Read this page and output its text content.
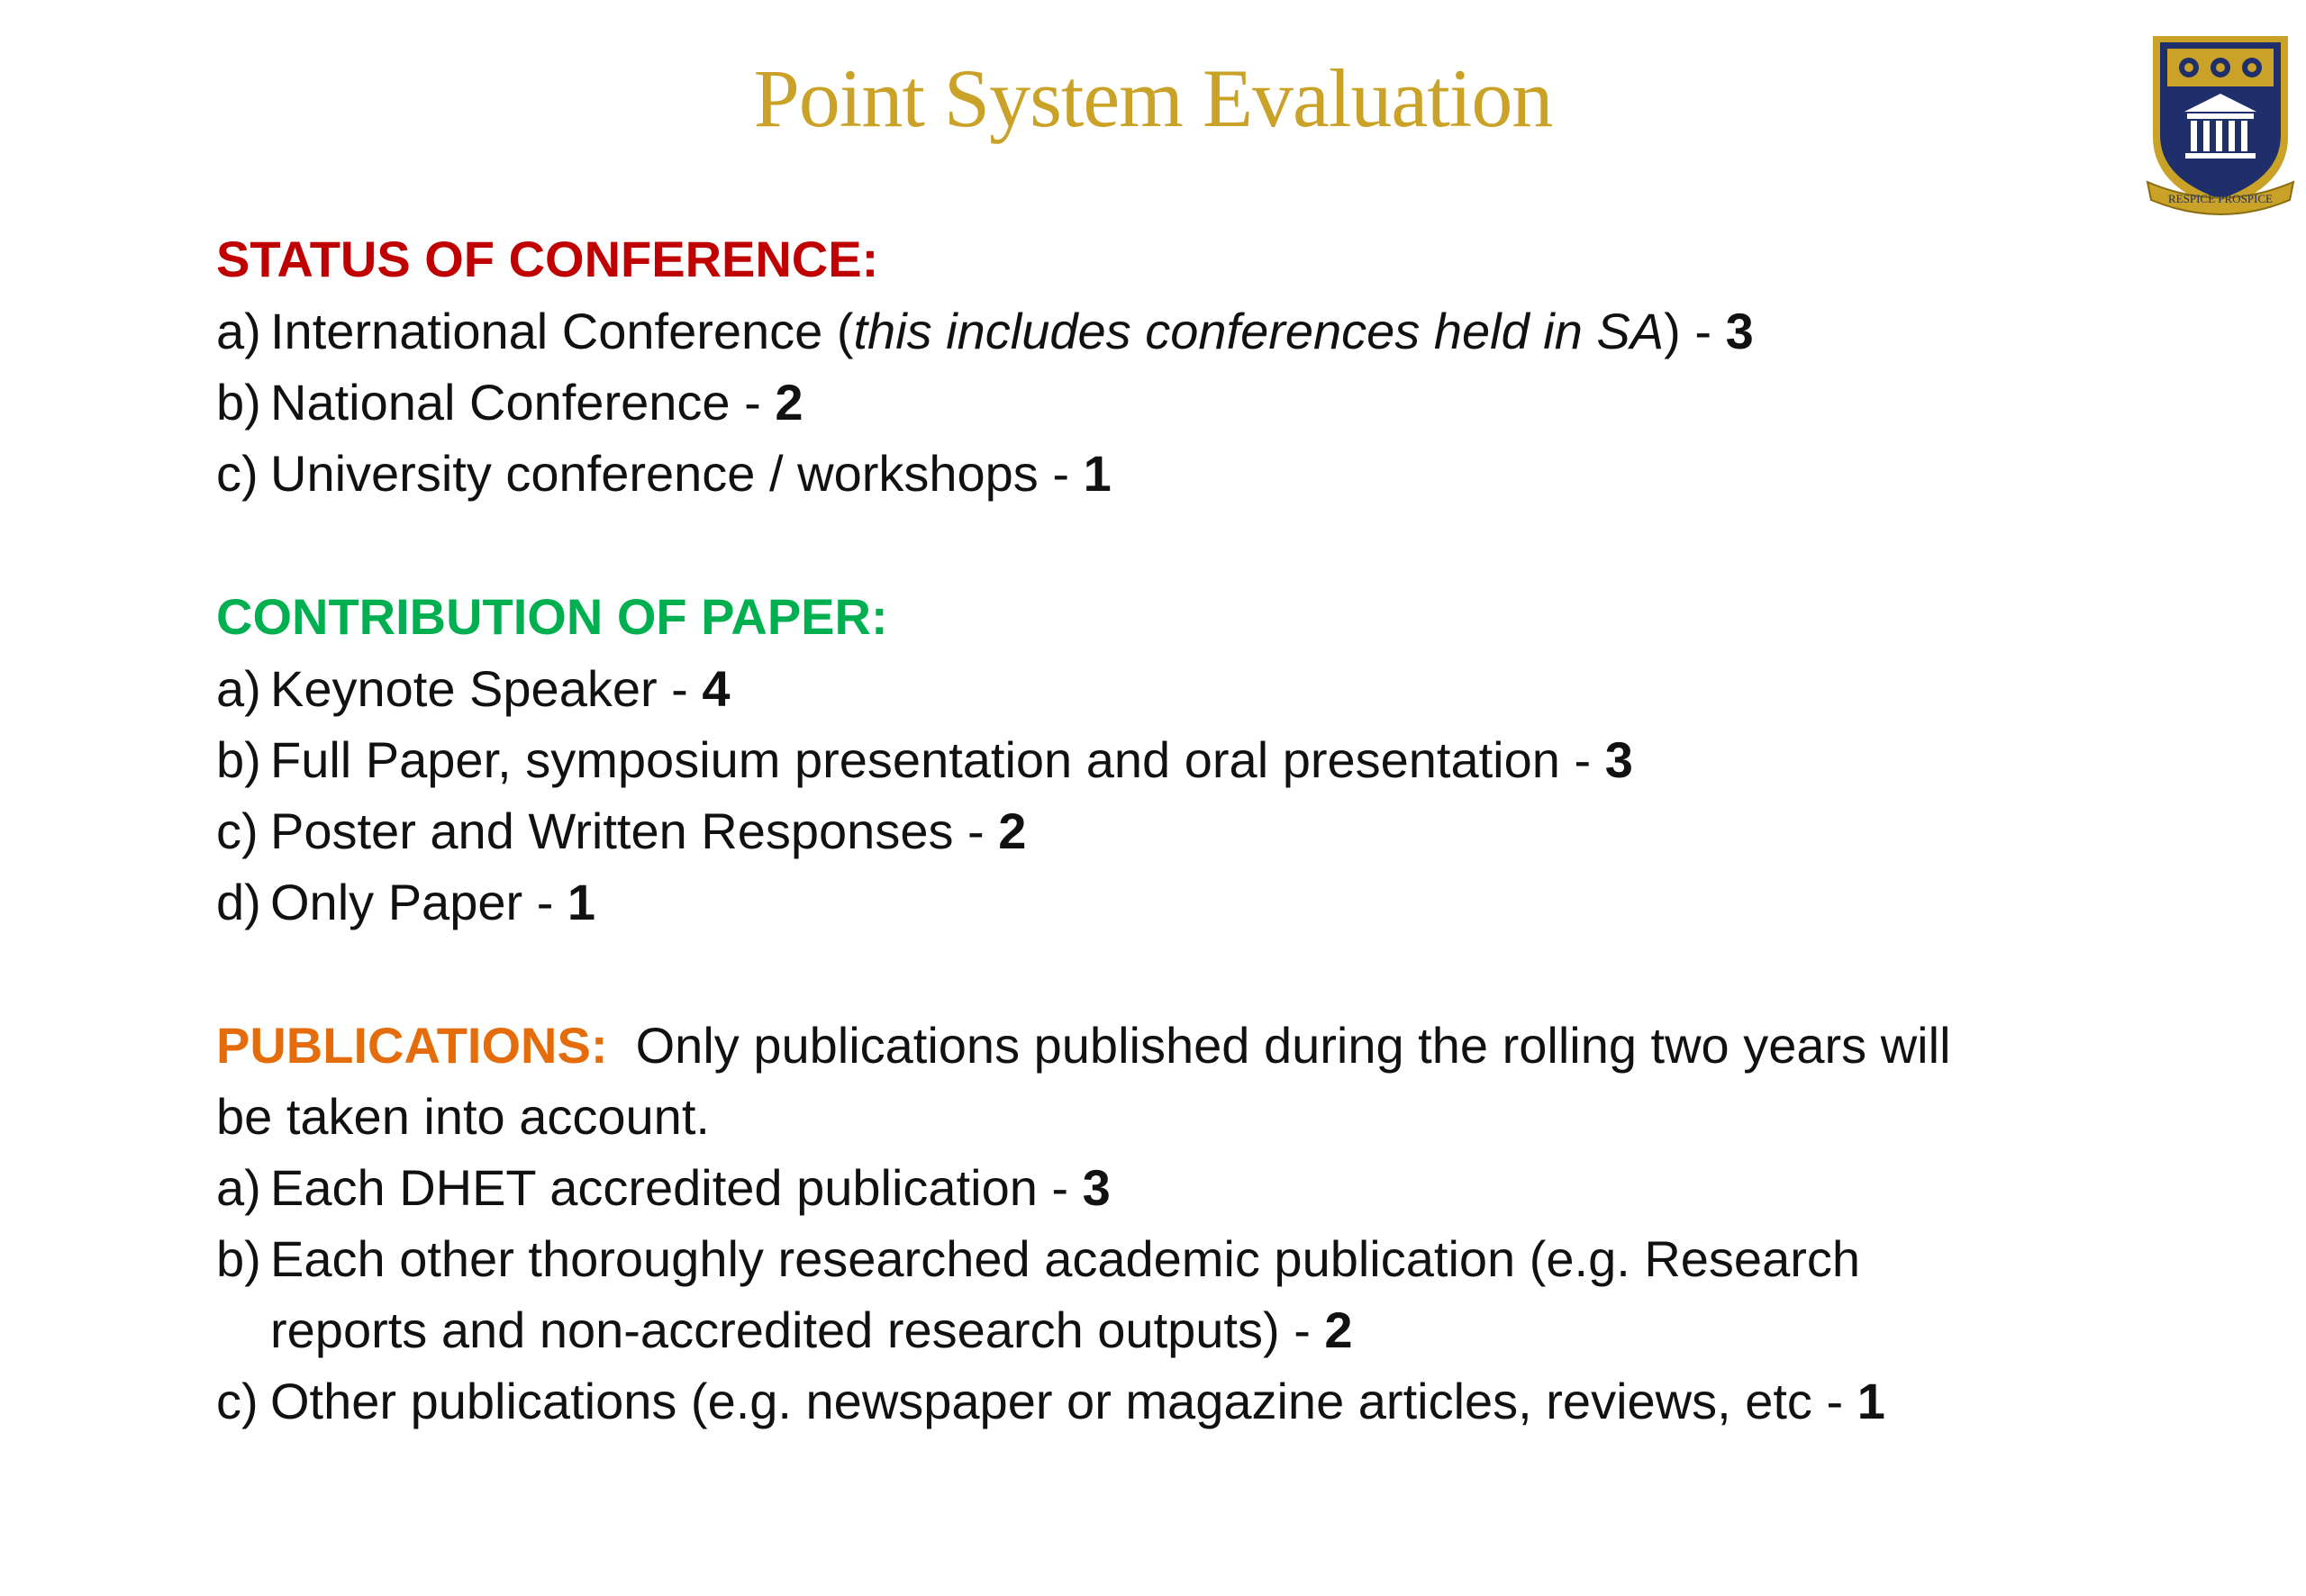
Point System Evaluation
RESPICE PROSPICE
STATUS OF CONFERENCE:
a) International Conference (this includes conferences held in SA) - 3
b) National Conference - 2
c) University conference / workshops - 1
CONTRIBUTION OF PAPER:
a) Keynote Speaker - 4
b) Full Paper, symposium presentation and oral presentation - 3
c) Poster and Written Responses - 2
d) Only Paper - 1
PUBLICATIONS: Only publications published during the rolling two years will
be taken into account.
a) Each DHET accredited publication - 3
b) Each other thoroughly researched academic publication (e.g. Research
reports and non-accredited research outputs) - 2
c) Other publications (e.g. newspaper or magazine articles, reviews, etc - 1
